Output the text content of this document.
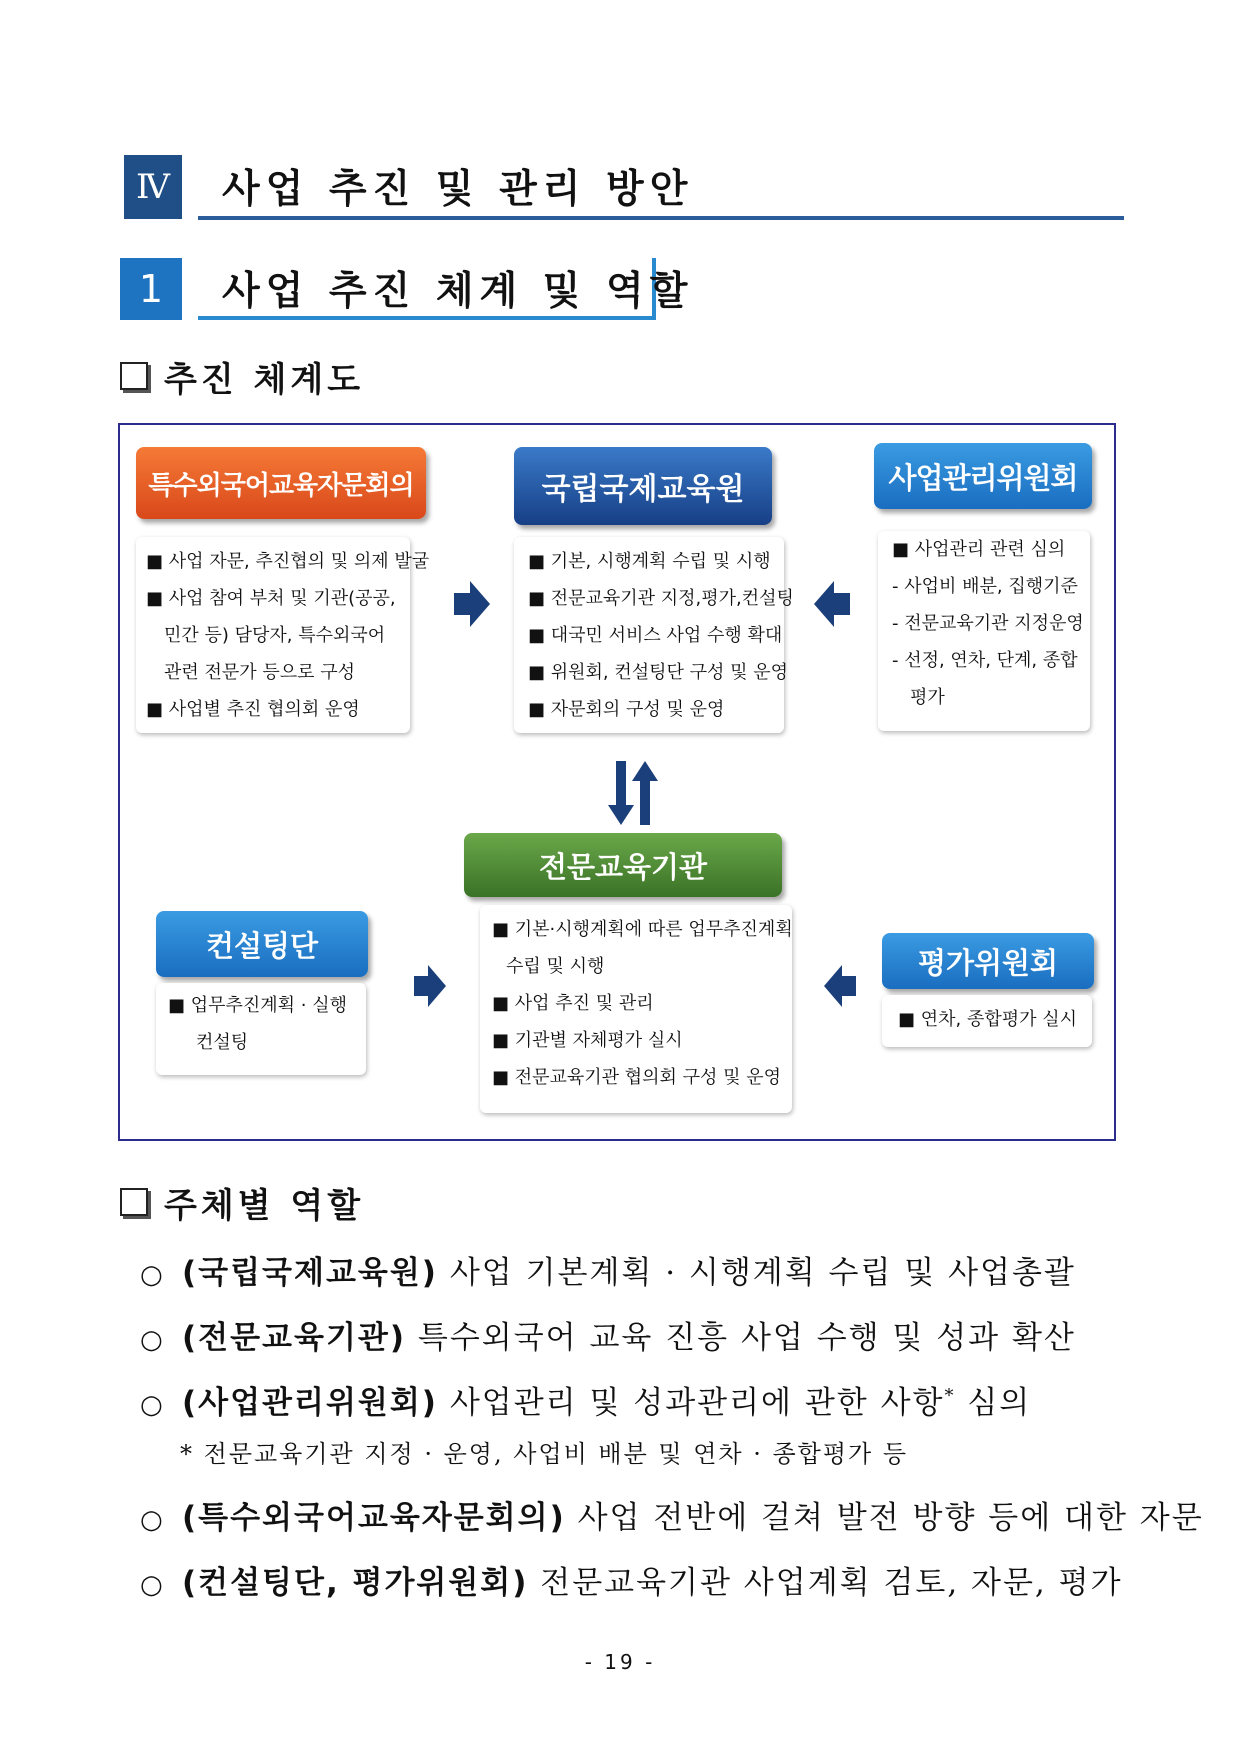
Ⅳ	사업 추진 및 관리 방안
1	사업 추진 체계 및 역할
추진 체계도
특수외국어교육자문회의
■ 사업 자문, 추진협의 및 의제 발굴
■ 사업 참여 부처 및 기관(공공,
민간 등) 담당자, 특수외국어
관련 전문가 등으로 구성
■ 사업별 추진 협의회 운영
국립국제교육원
■ 기본, 시행계획 수립 및 시행
■ 전문교육기관 지정,평가,컨설팅
■ 대국민 서비스 사업 수행 확대
■ 위원회, 컨설팅단 구성 및 운영
■ 자문회의 구성 및 운영
사업관리위원회
■ 사업관리 관련 심의
- 사업비 배분, 집행기준
- 전문교육기관 지정운영
- 선정, 연차, 단계, 종합
평가
전문교육기관
■ 기본·시행계획에 따른 업무추진계획
수립 및 시행
■ 사업 추진 및 관리
■ 기관별 자체평가 실시
■ 전문교육기관 협의회 구성 및 운영
컨설팅단
■ 업무추진계획 · 실행
컨설팅
평가위원회
■ 연차, 종합평가 실시
주체별 역할
○ (국립국제교육원) 사업 기본계획 · 시행계획 수립 및 사업총괄
○ (전문교육기관) 특수외국어 교육 진흥 사업 수행 및 성과 확산
○ (사업관리위원회) 사업관리 및 성과관리에 관한 사항* 심의
* 전문교육기관 지정 · 운영, 사업비 배분 및 연차 · 종합평가 등
○ (특수외국어교육자문회의) 사업 전반에 걸쳐 발전 방향 등에 대한 자문
○ (컨설팅단, 평가위원회) 전문교육기관 사업계획 검토, 자문, 평가
- 19 -
